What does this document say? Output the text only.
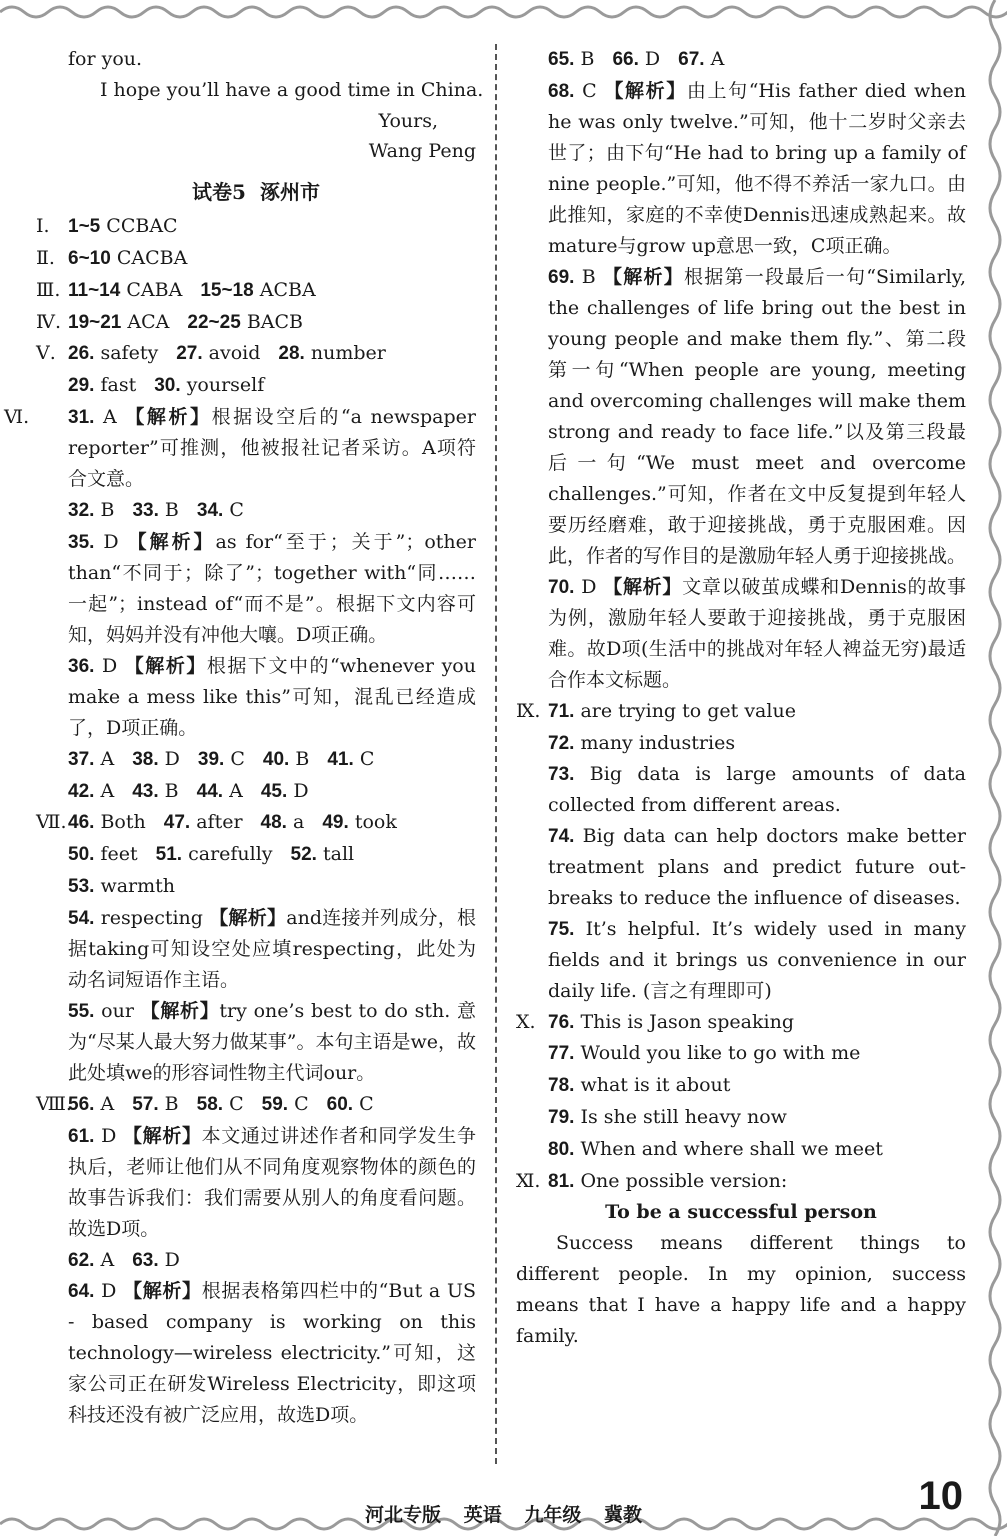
for you.
I hope you’ll have a good time in China.
Yours,
Wang Peng
试卷5 涿州市
Ⅰ. 1~5 CCBAC
Ⅱ. 6~10 CACBA
Ⅲ. 11~14 CABA 15~18 ACBA
Ⅳ. 19~21 ACA 22~25 BACB
Ⅴ. 26. safety 27. avoid 28. number
29. fast 30. yourself
Ⅵ. 31. A 【解析】根据设空后的“a newspaper reporter”可推测，他被报社记者采访。A项符合文意。
32. B 33. B 34. C
35. D 【解析】as for“至于；关于”；other than“不同于；除了”；together with“同……一起”；instead of“而不是”。根据下文内容可知，妈妈并没有冲他大嚷。D项正确。
36. D 【解析】根据下文中的“whenever you make a mess like this”可知，混乱已经造成了，D项正确。
37. A 38. D 39. C 40. B 41. C
42. A 43. B 44. A 45. D
Ⅶ.46. Both 47. after 48. a 49. took
50. feet 51. carefully 52. tall
53. warmth
54. respecting 【解析】and连接并列成分，根据taking可知设空处应填respecting，此处为动名词短语作主语。
55. our 【解析】try one’s best to do sth. 意为“尽某人最大努力做某事”。本句主语是we，故此处填we的形容词性物主代词our。
Ⅷ.56. A 57. B 58. C 59. C 60. C
61. D 【解析】本文通过讲述作者和同学发生争执后，老师让他们从不同角度观察物体的颜色的故事告诉我们：我们需要从别人的角度看问题。故选D项。
62. A 63. D
64. D 【解析】根据表格第四栏中的“But a US - based company is working on this technology—wireless electricity.”可知，这家公司正在研发Wireless Electricity，即这项科技还没有被广泛应用，故选D项。
65. B 66. D 67. A
68. C 【解析】由上句“His father died when he was only twelve.”可知，他十二岁时父亲去世了；由下句“He had to bring up a family of nine people.”可知，他不得不养活一家九口。由此推知，家庭的不幸使Dennis迅速成熟起来。故mature与grow up意思一致，C项正确。
69. B 【解析】根据第一段最后一句“Similarly, the challenges of life bring out the best in young people and make them fly.”、第二段第一句“When people are young, meeting and overcoming challenges will make them strong and ready to face life.”以及第三段最后一句“We must meet and overcome challenges.”可知，作者在文中反复提到年轻人要历经磨难，敢于迎接挑战，勇于克服困难。因此，作者的写作目的是激励年轻人勇于迎接挑战。
70. D 【解析】文章以破茧成蝶和Dennis的故事为例，激励年轻人要敢于迎接挑战，勇于克服困难。故D项(生活中的挑战对年轻人裨益无穷)最适合作本文标题。
Ⅸ. 71. are trying to get value
72. many industries
73. Big data is large amounts of data collected from different areas.
74. Big data can help doctors make better treatment plans and predict future out-breaks to reduce the influence of diseases.
75. It’s helpful. It’s widely used in many fields and it brings us convenience in our daily life. (言之有理即可)
Ⅹ. 76. This is Jason speaking
77. Would you like to go with me
78. what is it about
79. Is she still heavy now
80. When and where shall we meet
Ⅺ. 81. One possible version:
To be a successful person
Success means different things to different people. In my opinion, success means that I have a happy life and a happy family.
河北专版 英语 九年级 冀教	10
